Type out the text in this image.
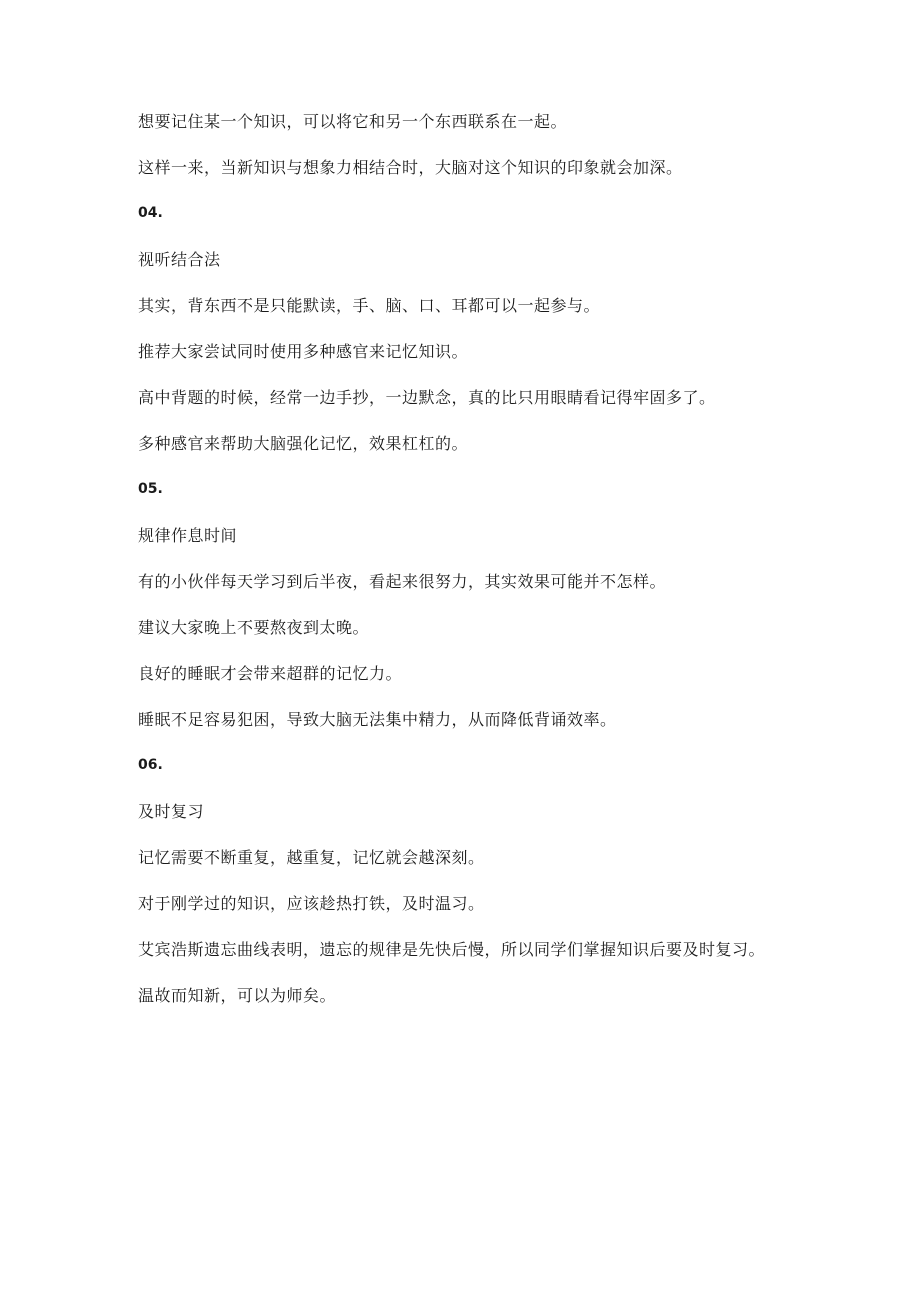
想要记住某一个知识，可以将它和另一个东西联系在一起。

这样一来，当新知识与想象力相结合时，大脑对这个知识的印象就会加深。

04.

视听结合法

其实，背东西不是只能默读，手、脑、口、耳都可以一起参与。

推荐大家尝试同时使用多种感官来记忆知识。

高中背题的时候，经常一边手抄，一边默念，真的比只用眼睛看记得牢固多了。

多种感官来帮助大脑强化记忆，效果杠杠的。

05.

规律作息时间

有的小伙伴每天学习到后半夜，看起来很努力，其实效果可能并不怎样。

建议大家晚上不要熬夜到太晚。

良好的睡眠才会带来超群的记忆力。

睡眠不足容易犯困，导致大脑无法集中精力，从而降低背诵效率。

06.

及时复习

记忆需要不断重复，越重复，记忆就会越深刻。

对于刚学过的知识，应该趁热打铁，及时温习。

艾宾浩斯遗忘曲线表明，遗忘的规律是先快后慢，所以同学们掌握知识后要及时复习。

温故而知新，可以为师矣。
